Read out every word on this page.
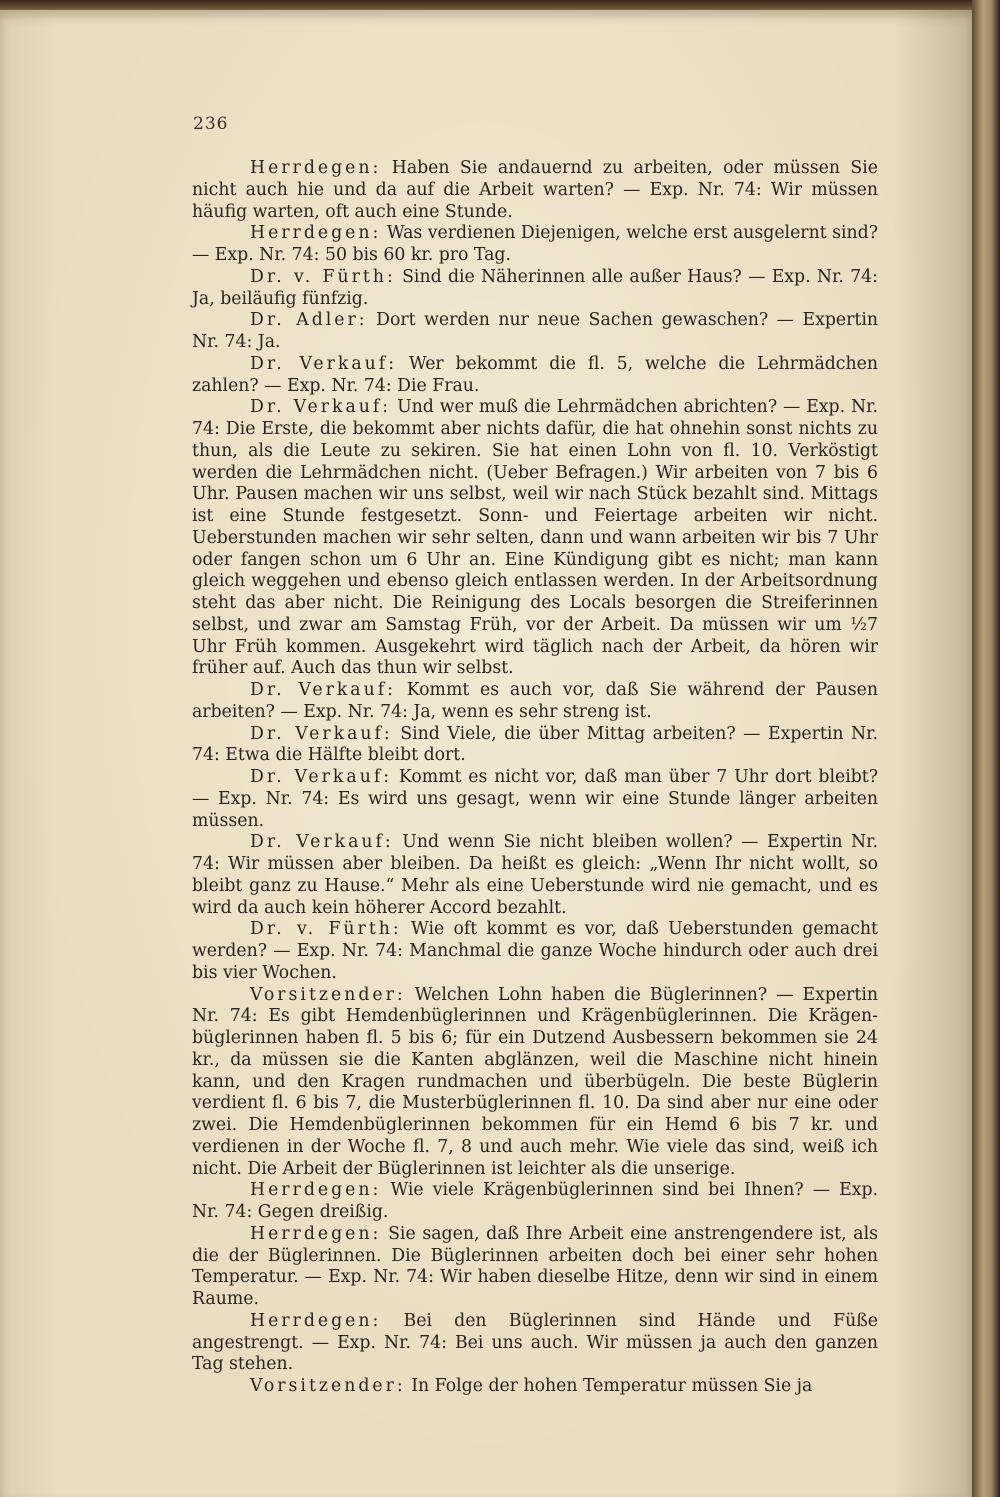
236

Herrdegen: Haben Sie andauernd zu arbeiten, oder müssen Sie nicht auch hie und da auf die Arbeit warten? — Exp. Nr. 74: Wir müssen häufig warten, oft auch eine Stunde.

Herrdegen: Was verdienen Diejenigen, welche erst ausgelernt sind? — Exp. Nr. 74: 50 bis 60 kr. pro Tag.

Dr. v. Fürth: Sind die Näherinnen alle außer Haus? — Exp. Nr. 74: Ja, beiläufig fünfzig.

Dr. Adler: Dort werden nur neue Sachen gewaschen? — Expertin Nr. 74: Ja.

Dr. Verkauf: Wer bekommt die fl. 5, welche die Lehrmädchen zahlen? — Exp. Nr. 74: Die Frau.

Dr. Verkauf: Und wer muß die Lehrmädchen abrichten? — Exp. Nr. 74: Die Erste, die bekommt aber nichts dafür, die hat ohnehin sonst nichts zu thun, als die Leute zu sekiren. Sie hat einen Lohn von fl. 10. Verköstigt werden die Lehrmädchen nicht. (Ueber Befragen.) Wir arbeiten von 7 bis 6 Uhr. Pausen machen wir uns selbst, weil wir nach Stück bezahlt sind. Mittags ist eine Stunde festgesetzt. Sonn- und Feiertage arbeiten wir nicht. Ueberstunden machen wir sehr selten, dann und wann arbeiten wir bis 7 Uhr oder fangen schon um 6 Uhr an. Eine Kündigung gibt es nicht; man kann gleich weggehen und ebenso gleich entlassen werden. In der Arbeitsordnung steht das aber nicht. Die Reinigung des Locals besorgen die Streiferinnen selbst, und zwar am Samstag Früh, vor der Arbeit. Da müssen wir um ½7 Uhr Früh kommen. Ausgekehrt wird täglich nach der Arbeit, da hören wir früher auf. Auch das thun wir selbst.

Dr. Verkauf: Kommt es auch vor, daß Sie während der Pausen arbeiten? — Exp. Nr. 74: Ja, wenn es sehr streng ist.

Dr. Verkauf: Sind Viele, die über Mittag arbeiten? — Expertin Nr. 74: Etwa die Hälfte bleibt dort.

Dr. Verkauf: Kommt es nicht vor, daß man über 7 Uhr dort bleibt? — Exp. Nr. 74: Es wird uns gesagt, wenn wir eine Stunde länger arbeiten müssen.

Dr. Verkauf: Und wenn Sie nicht bleiben wollen? — Expertin Nr. 74: Wir müssen aber bleiben. Da heißt es gleich: „Wenn Ihr nicht wollt, so bleibt ganz zu Hause.“ Mehr als eine Ueberstunde wird nie gemacht, und es wird da auch kein höherer Accord bezahlt.

Dr. v. Fürth: Wie oft kommt es vor, daß Ueberstunden gemacht werden? — Exp. Nr. 74: Manchmal die ganze Woche hindurch oder auch drei bis vier Wochen.

Vorsitzender: Welchen Lohn haben die Büglerinnen? — Expertin Nr. 74: Es gibt Hemdenbüglerinnen und Krägenbüglerinnen. Die Krägenbüglerinnen haben fl. 5 bis 6; für ein Dutzend Ausbessern bekommen sie 24 kr., da müssen sie die Kanten abglänzen, weil die Maschine nicht hinein kann, und den Kragen rundmachen und überbügeln. Die beste Büglerin verdient fl. 6 bis 7, die Musterbüglerinnen fl. 10. Da sind aber nur eine oder zwei. Die Hemdenbüglerinnen bekommen für ein Hemd 6 bis 7 kr. und verdienen in der Woche fl. 7, 8 und auch mehr. Wie viele das sind, weiß ich nicht. Die Arbeit der Büglerinnen ist leichter als die unserige.

Herrdegen: Wie viele Krägenbüglerinnen sind bei Ihnen? — Exp. Nr. 74: Gegen dreißig.

Herrdegen: Sie sagen, daß Ihre Arbeit eine anstrengendere ist, als die der Büglerinnen. Die Büglerinnen arbeiten doch bei einer sehr hohen Temperatur. — Exp. Nr. 74: Wir haben dieselbe Hitze, denn wir sind in einem Raume.

Herrdegen: Bei den Büglerinnen sind Hände und Füße angestrengt. — Exp. Nr. 74: Bei uns auch. Wir müssen ja auch den ganzen Tag stehen.

Vorsitzender: In Folge der hohen Temperatur müssen Sie ja
